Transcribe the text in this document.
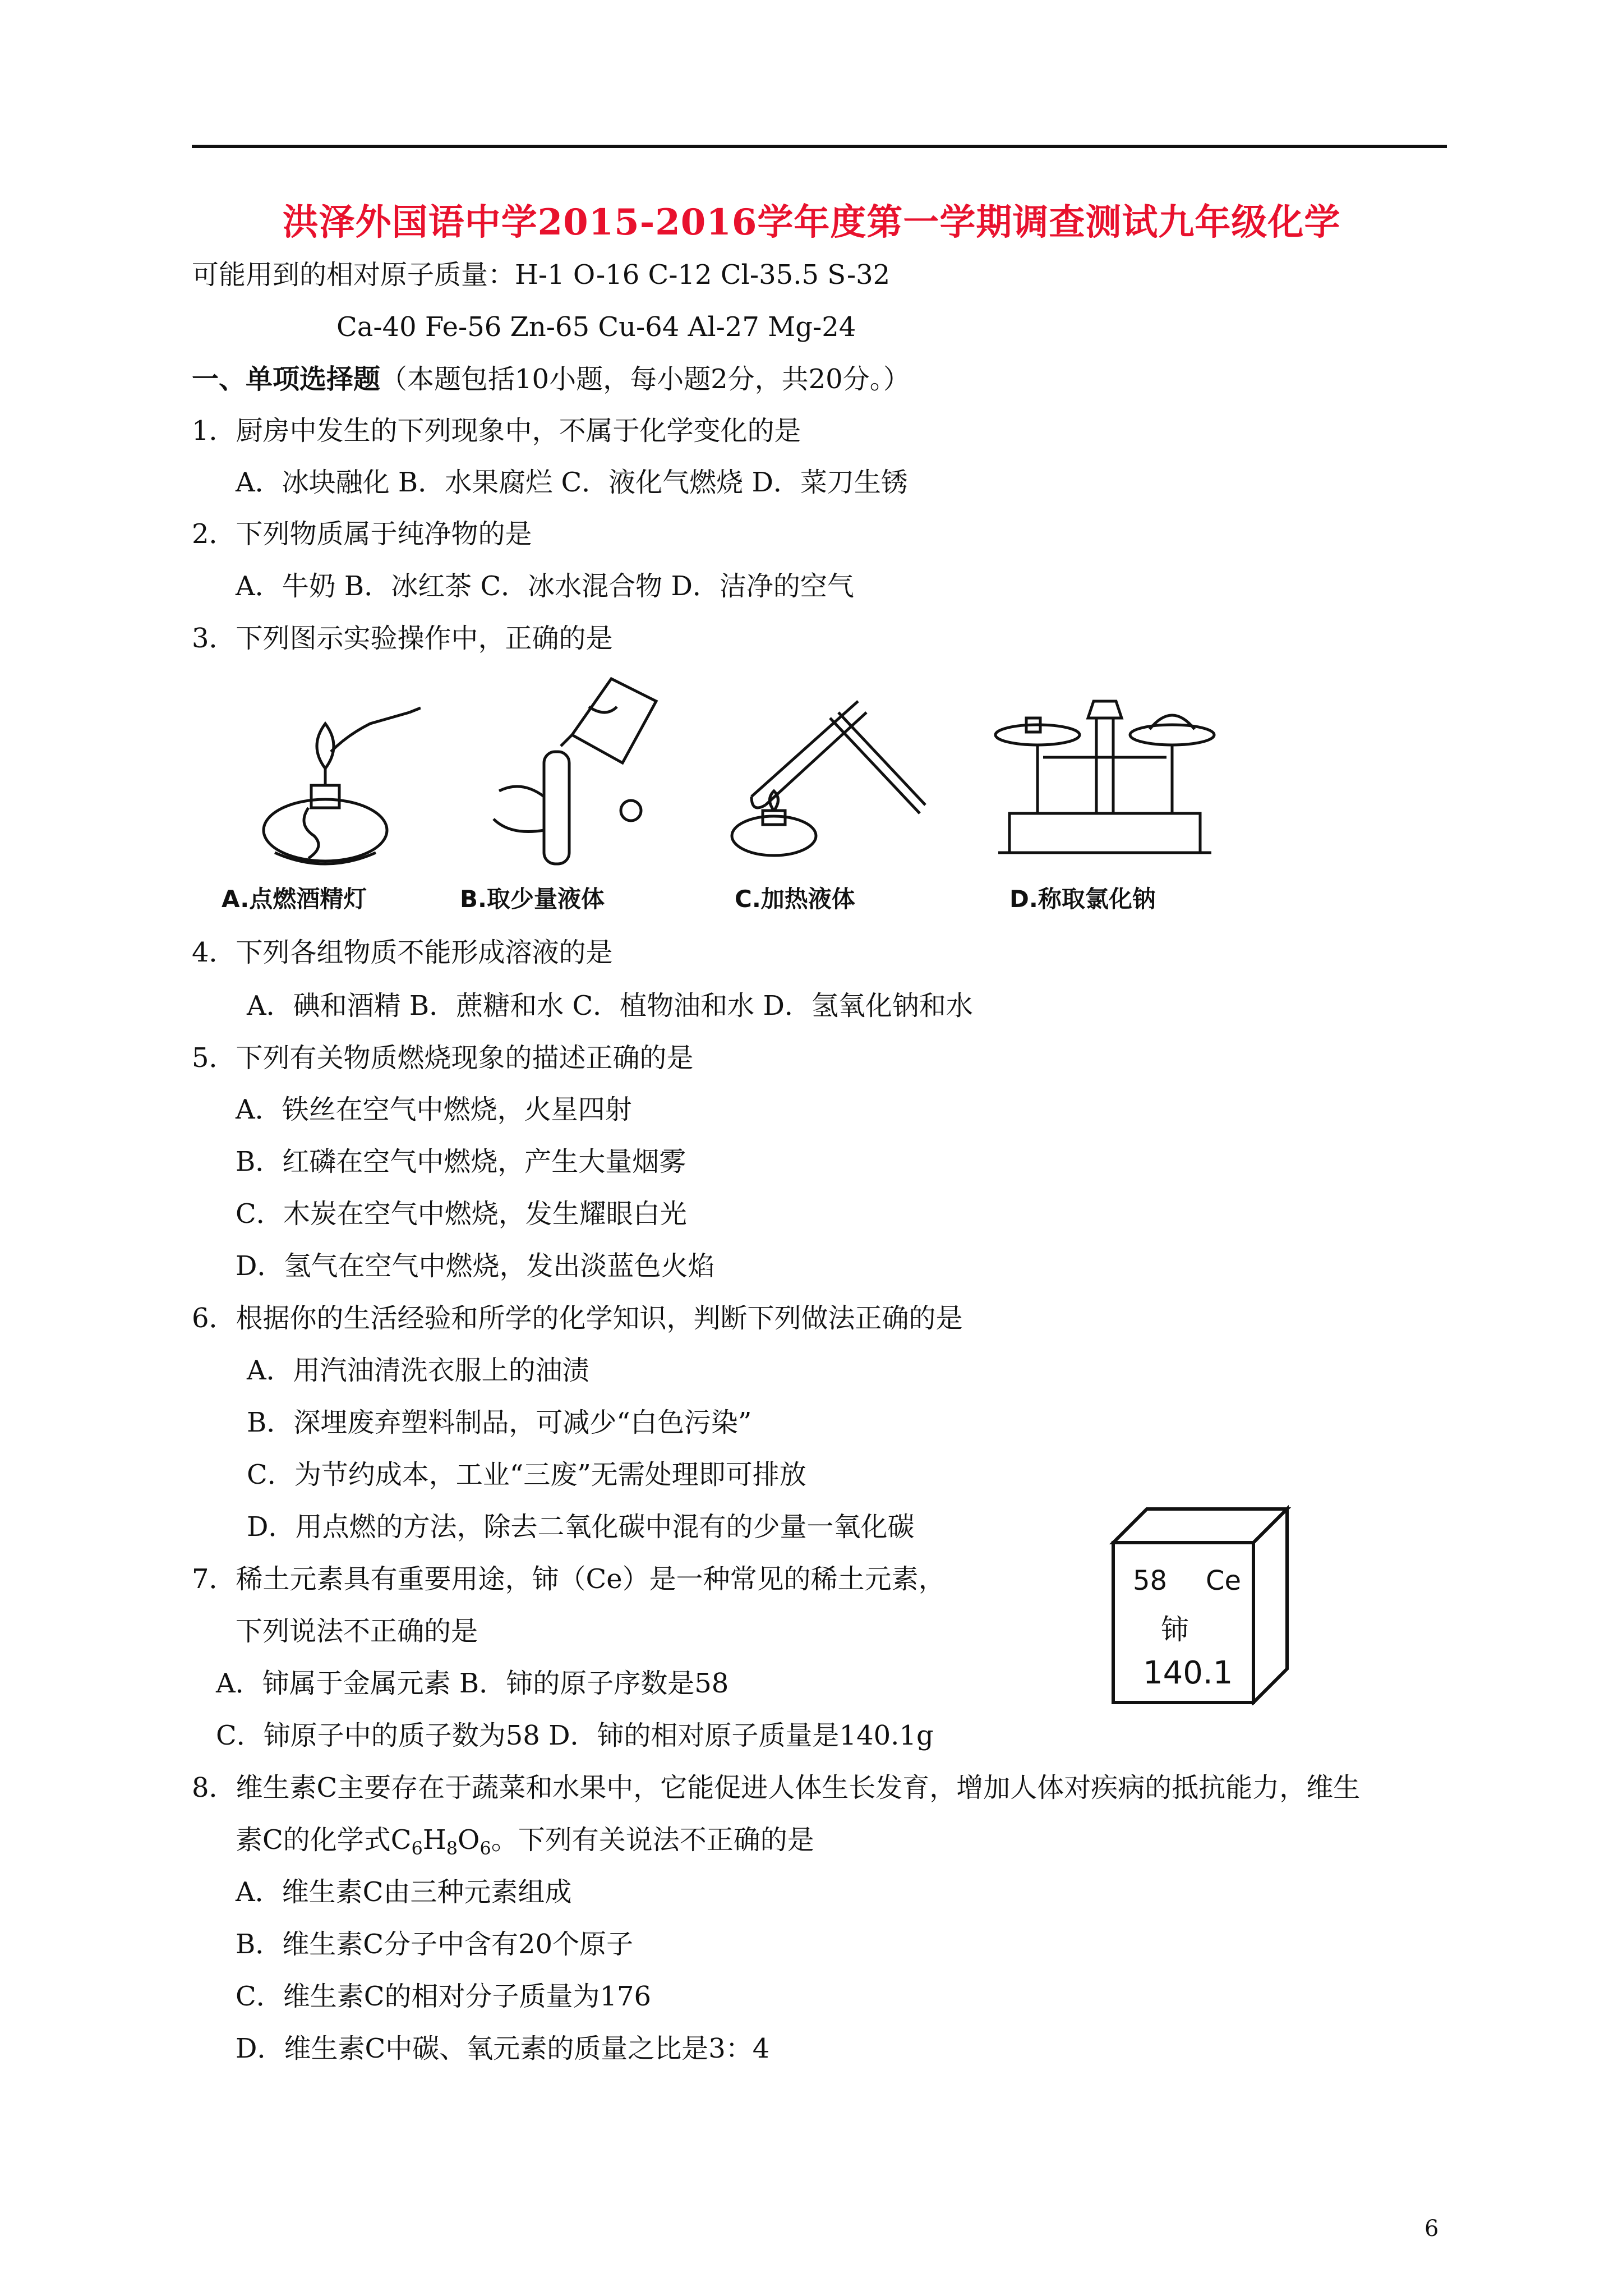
洪泽外国语中学2015-2016学年度第一学期调查测试九年级化学
可能用到的相对原子质量：H-1 O-16 C-12 Cl-35.5 S-32
Ca-40 Fe-56 Zn-65 Cu-64 Al-27 Mg-24
一、单项选择题（本题包括10小题，每小题2分，共20分。）
1．厨房中发生的下列现象中，不属于化学变化的是
A．冰块融化 B．水果腐烂 C．液化气燃烧 D．菜刀生锈
2．下列物质属于纯净物的是
A．牛奶 B．冰红茶 C．冰水混合物 D．洁净的空气
3．下列图示实验操作中，正确的是
A.点燃酒精灯	B.取少量液体	C.加热液体	D.称取氯化钠
4．下列各组物质不能形成溶液的是
A．碘和酒精 B．蔗糖和水 C．植物油和水 D．氢氧化钠和水
5．下列有关物质燃烧现象的描述正确的是
A．铁丝在空气中燃烧，火星四射
B．红磷在空气中燃烧，产生大量烟雾
C．木炭在空气中燃烧，发生耀眼白光
D．氢气在空气中燃烧，发出淡蓝色火焰
6．根据你的生活经验和所学的化学知识，判断下列做法正确的是
A．用汽油清洗衣服上的油渍
B．深埋废弃塑料制品，可减少“白色污染”
C．为节约成本，工业“三废”无需处理即可排放
D．用点燃的方法，除去二氧化碳中混有的少量一氧化碳
7．稀土元素具有重要用途，铈（Ce）是一种常见的稀土元素，
下列说法不正确的是
A．铈属于金属元素 B．铈的原子序数是58
C．铈原子中的质子数为58 D．铈的相对原子质量是140.1g
58 Ce
铈
140.1
8．维生素C主要存在于蔬菜和水果中，它能促进人体生长发育，增加人体对疾病的抵抗能力，维生
素C的化学式$C_6H_8O_6$。下列有关说法不正确的是
A．维生素C由三种元素组成
B．维生素C分子中含有20个原子
C．维生素C的相对分子质量为176
D．维生素C中碳、氧元素的质量之比是3：4
6
